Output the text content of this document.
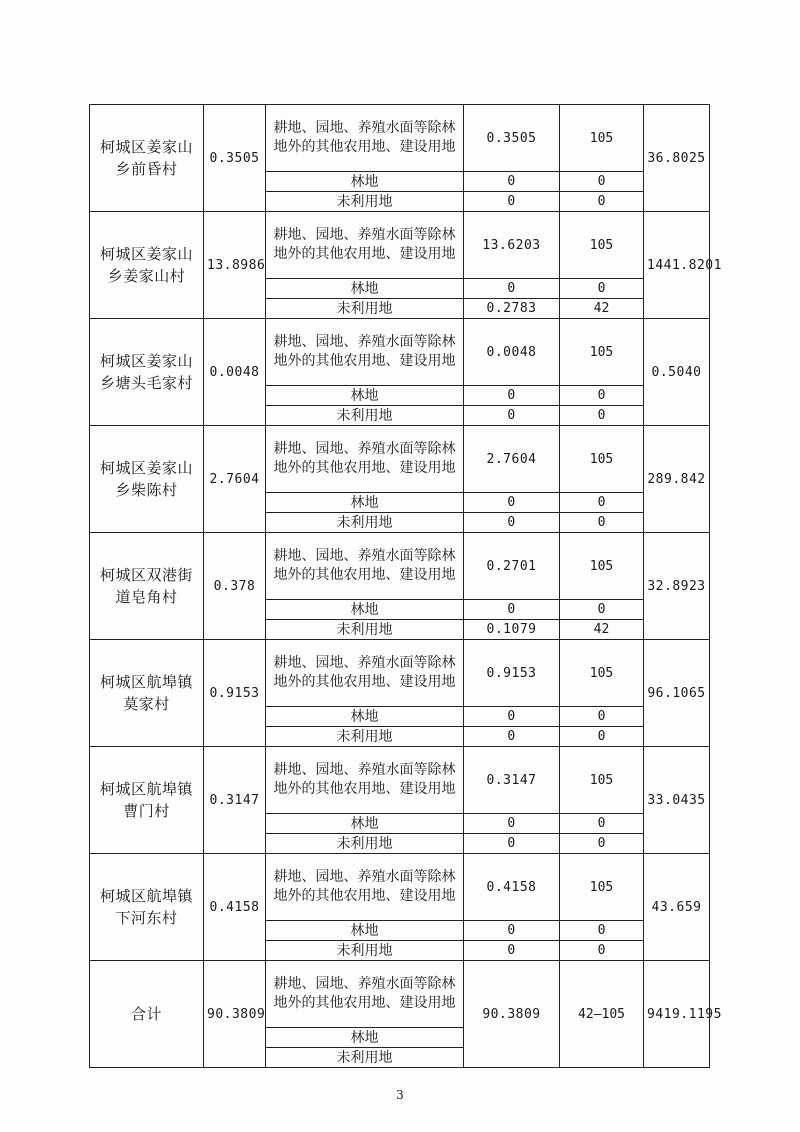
柯城区姜家山乡前昏村	0.3505	耕地、园地、养殖水面等除林地外的其他农用地、建设用地	0.3505	105	36.8025
		林地	0	0	
		未利用地	0	0	
柯城区姜家山乡姜家山村	13.8986	耕地、园地、养殖水面等除林地外的其他农用地、建设用地	13.6203	105	1441.8201
		林地	0	0	
		未利用地	0.2783	42	
柯城区姜家山乡塘头毛家村	0.0048	耕地、园地、养殖水面等除林地外的其他农用地、建设用地	0.0048	105	0.5040
		林地	0	0	
		未利用地	0	0	
柯城区姜家山乡柴陈村	2.7604	耕地、园地、养殖水面等除林地外的其他农用地、建设用地	2.7604	105	289.842
		林地	0	0	
		未利用地	0	0	
柯城区双港街道皂角村	0.378	耕地、园地、养殖水面等除林地外的其他农用地、建设用地	0.2701	105	32.8923
		林地	0	0	
		未利用地	0.1079	42	
柯城区航埠镇莫家村	0.9153	耕地、园地、养殖水面等除林地外的其他农用地、建设用地	0.9153	105	96.1065
		林地	0	0	
		未利用地	0	0	
柯城区航埠镇曹门村	0.3147	耕地、园地、养殖水面等除林地外的其他农用地、建设用地	0.3147	105	33.0435
		林地	0	0	
		未利用地	0	0	
柯城区航埠镇下河东村	0.4158	耕地、园地、养殖水面等除林地外的其他农用地、建设用地	0.4158	105	43.659
		林地	0	0	
		未利用地	0	0	
合计	90.3809	耕地、园地、养殖水面等除林地外的其他农用地、建设用地	90.3809	42—105	9419.1195
		林地			
		未利用地			
3
